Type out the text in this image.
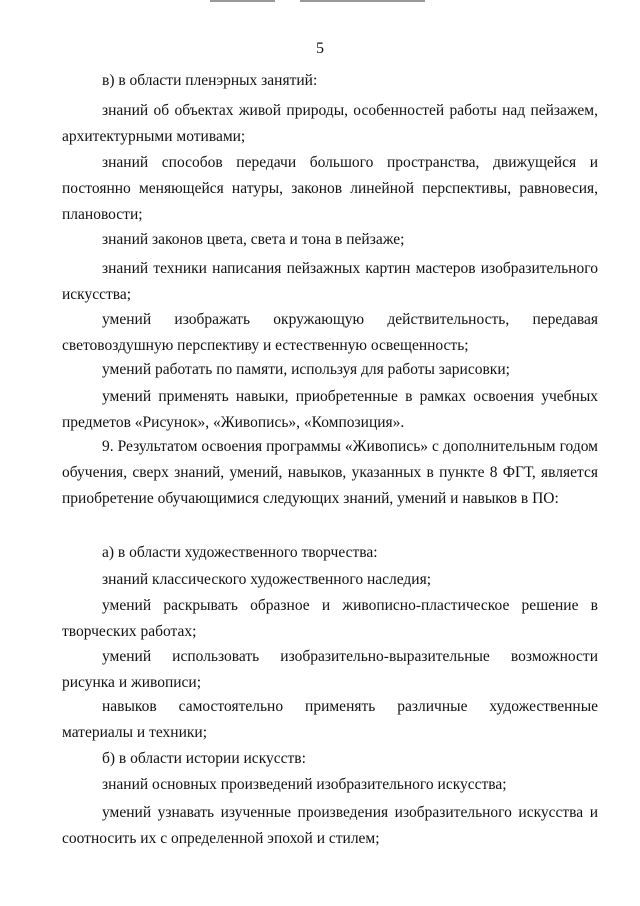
5

в) в области пленэрных занятий:

знаний об объектах живой природы, особенностей работы над пейзажем, архитектурными мотивами;

знаний способов передачи большого пространства, движущейся и постоянно меняющейся натуры, законов линейной перспективы, равновесия, плановости;

знаний законов цвета, света и тона в пейзаже;

знаний техники написания пейзажных картин мастеров изобразительного искусства;

умений изображать окружающую действительность, передавая световоздушную перспективу и естественную освещенность;

умений работать по памяти, используя для работы зарисовки;

умений применять навыки, приобретенные в рамках освоения учебных предметов «Рисунок», «Живопись», «Композиция».

9. Результатом освоения программы «Живопись» с дополнительным годом обучения, сверх знаний, умений, навыков, указанных в пункте 8 ФГТ, является приобретение обучающимися следующих знаний, умений и навыков в ПО:

а) в области художественного творчества:

знаний классического художественного наследия;

умений раскрывать образное и живописно-пластическое решение в творческих работах;

умений использовать изобразительно-выразительные возможности рисунка и живописи;

навыков самостоятельно применять различные художественные материалы и техники;

б) в области истории искусств:

знаний основных произведений изобразительного искусства;

умений узнавать изученные произведения изобразительного искусства и соотносить их с определенной эпохой и стилем;
